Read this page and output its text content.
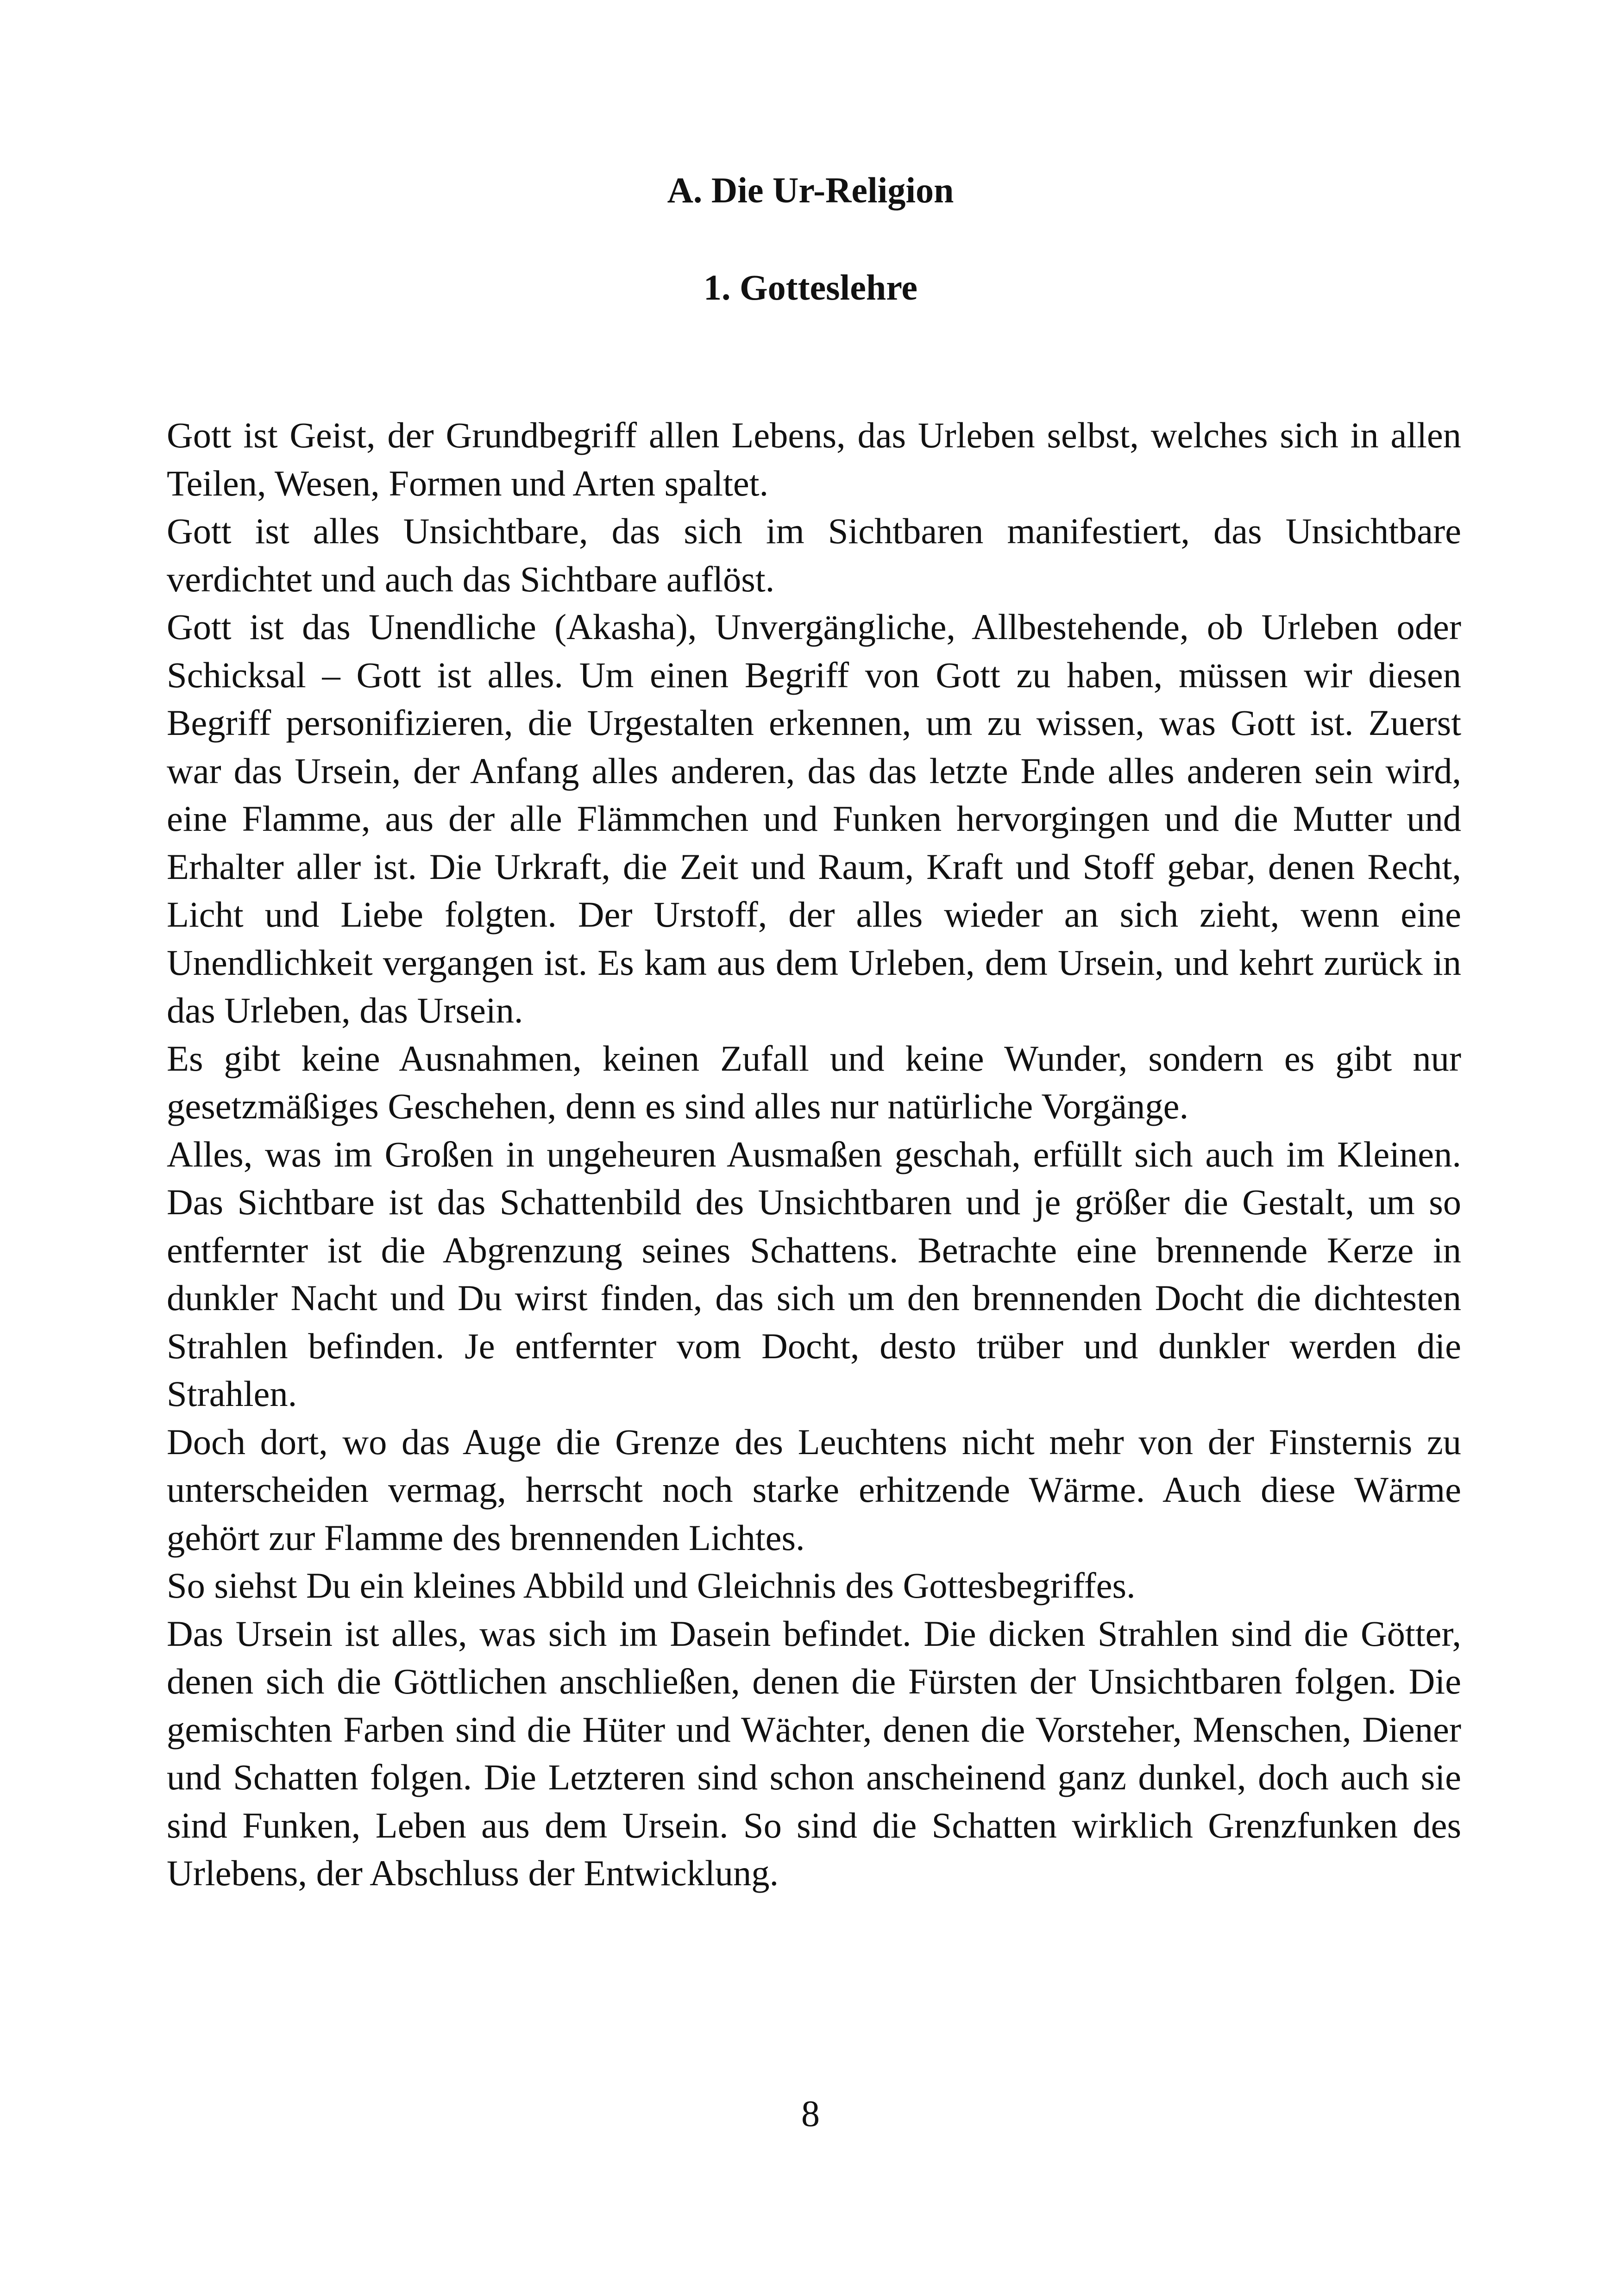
A. Die Ur-Religion
1. Gotteslehre

Gott ist Geist, der Grundbegriff allen Lebens, das Urleben selbst, welches sich in allen Teilen, Wesen, Formen und Arten spaltet.

Gott ist alles Unsichtbare, das sich im Sichtbaren manifestiert, das Unsichtbare verdichtet und auch das Sichtbare auflöst.

Gott ist das Unendliche (Akasha), Unvergängliche, Allbestehende, ob Urleben oder Schicksal – Gott ist alles. Um einen Begriff von Gott zu haben, müssen wir diesen Begriff personifizieren, die Urgestalten erkennen, um zu wissen, was Gott ist. Zuerst war das Ursein, der Anfang alles anderen, das das letzte Ende alles anderen sein wird, eine Flamme, aus der alle Flämmchen und Funken hervorgingen und die Mutter und Erhalter aller ist. Die Urkraft, die Zeit und Raum, Kraft und Stoff gebar, denen Recht, Licht und Liebe folgten. Der Urstoff, der alles wieder an sich zieht, wenn eine Unendlichkeit vergangen ist. Es kam aus dem Urleben, dem Ursein, und kehrt zurück in das Urleben, das Ursein.

Es gibt keine Ausnahmen, keinen Zufall und keine Wunder, sondern es gibt nur gesetzmäßiges Geschehen, denn es sind alles nur natürliche Vorgänge.

Alles, was im Großen in ungeheuren Ausmaßen geschah, erfüllt sich auch im Kleinen. Das Sichtbare ist das Schattenbild des Unsichtbaren und je größer die Gestalt, um so entfernter ist die Abgrenzung seines Schattens. Betrachte eine brennende Kerze in dunkler Nacht und Du wirst finden, das sich um den brennenden Docht die dichtesten Strahlen befinden. Je entfernter vom Docht, desto trüber und dunkler werden die Strahlen.

Doch dort, wo das Auge die Grenze des Leuchtens nicht mehr von der Finsternis zu unterscheiden vermag, herrscht noch starke erhitzende Wärme. Auch diese Wärme gehört zur Flamme des brennenden Lichtes.

So siehst Du ein kleines Abbild und Gleichnis des Gottesbegriffes.

Das Ursein ist alles, was sich im Dasein befindet. Die dicken Strahlen sind die Götter, denen sich die Göttlichen anschließen, denen die Fürsten der Unsichtbaren folgen. Die gemischten Farben sind die Hüter und Wächter, denen die Vorsteher, Menschen, Diener und Schatten folgen. Die Letzteren sind schon anscheinend ganz dunkel, doch auch sie sind Funken, Leben aus dem Ursein. So sind die Schatten wirklich Grenzfunken des Urlebens, der Abschluss der Entwicklung.

8
